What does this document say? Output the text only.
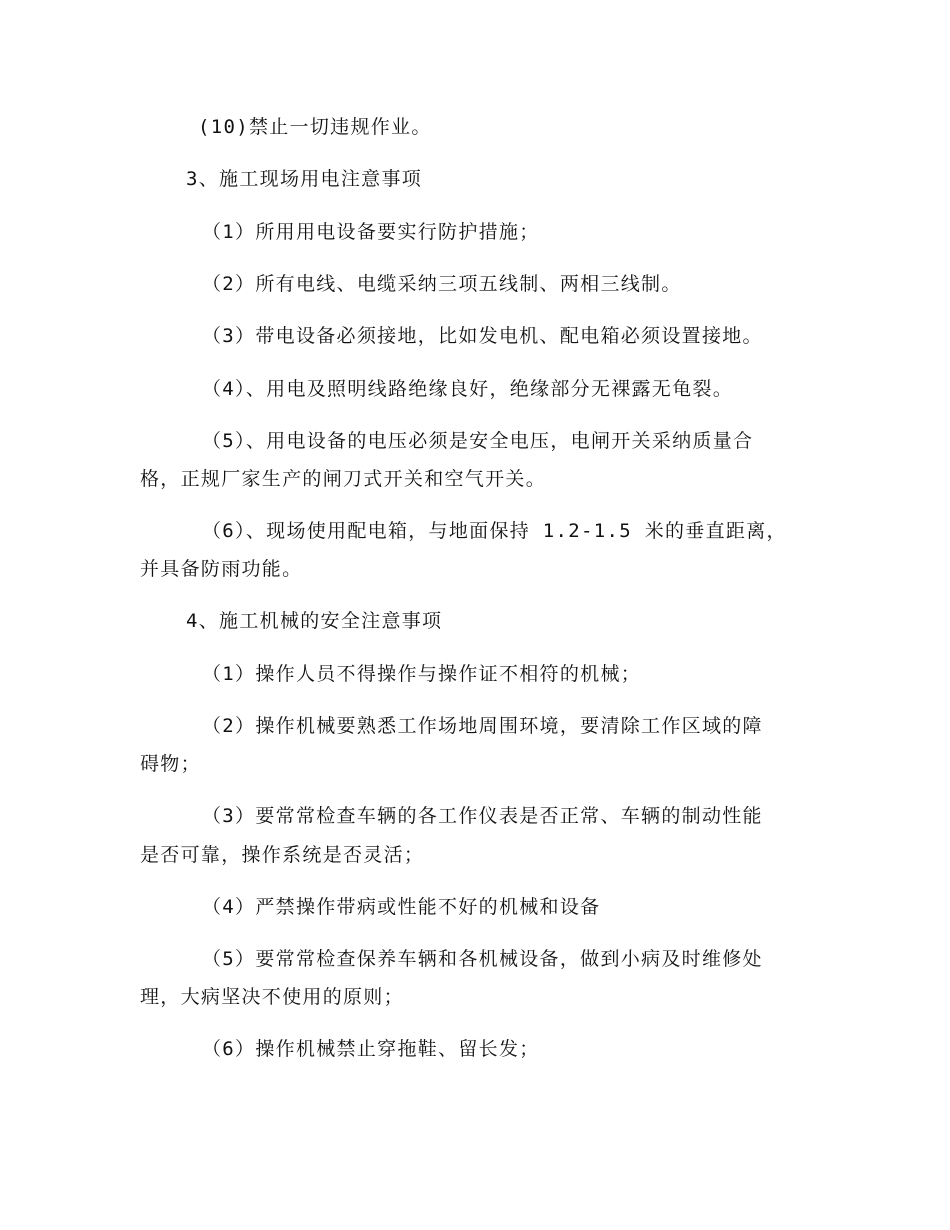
(10)禁止一切违规作业。
3、施工现场用电注意事项
（1）所用用电设备要实行防护措施；
（2）所有电线、电缆采纳三项五线制、两相三线制。
（3）带电设备必须接地，比如发电机、配电箱必须设置接地。
（4）、用电及照明线路绝缘良好，绝缘部分无裸露无龟裂。
（5）、用电设备的电压必须是安全电压，电闸开关采纳质量合
格，正规厂家生产的闸刀式开关和空气开关。
（6）、现场使用配电箱，与地面保持 1.2-1.5 米的垂直距离，
并具备防雨功能。
4、施工机械的安全注意事项
（1）操作人员不得操作与操作证不相符的机械；
（2）操作机械要熟悉工作场地周围环境，要清除工作区域的障
碍物；
（3）要常常检查车辆的各工作仪表是否正常、车辆的制动性能
是否可靠，操作系统是否灵活；
（4）严禁操作带病或性能不好的机械和设备
（5）要常常检查保养车辆和各机械设备，做到小病及时维修处
理，大病坚决不使用的原则；
（6）操作机械禁止穿拖鞋、留长发；
